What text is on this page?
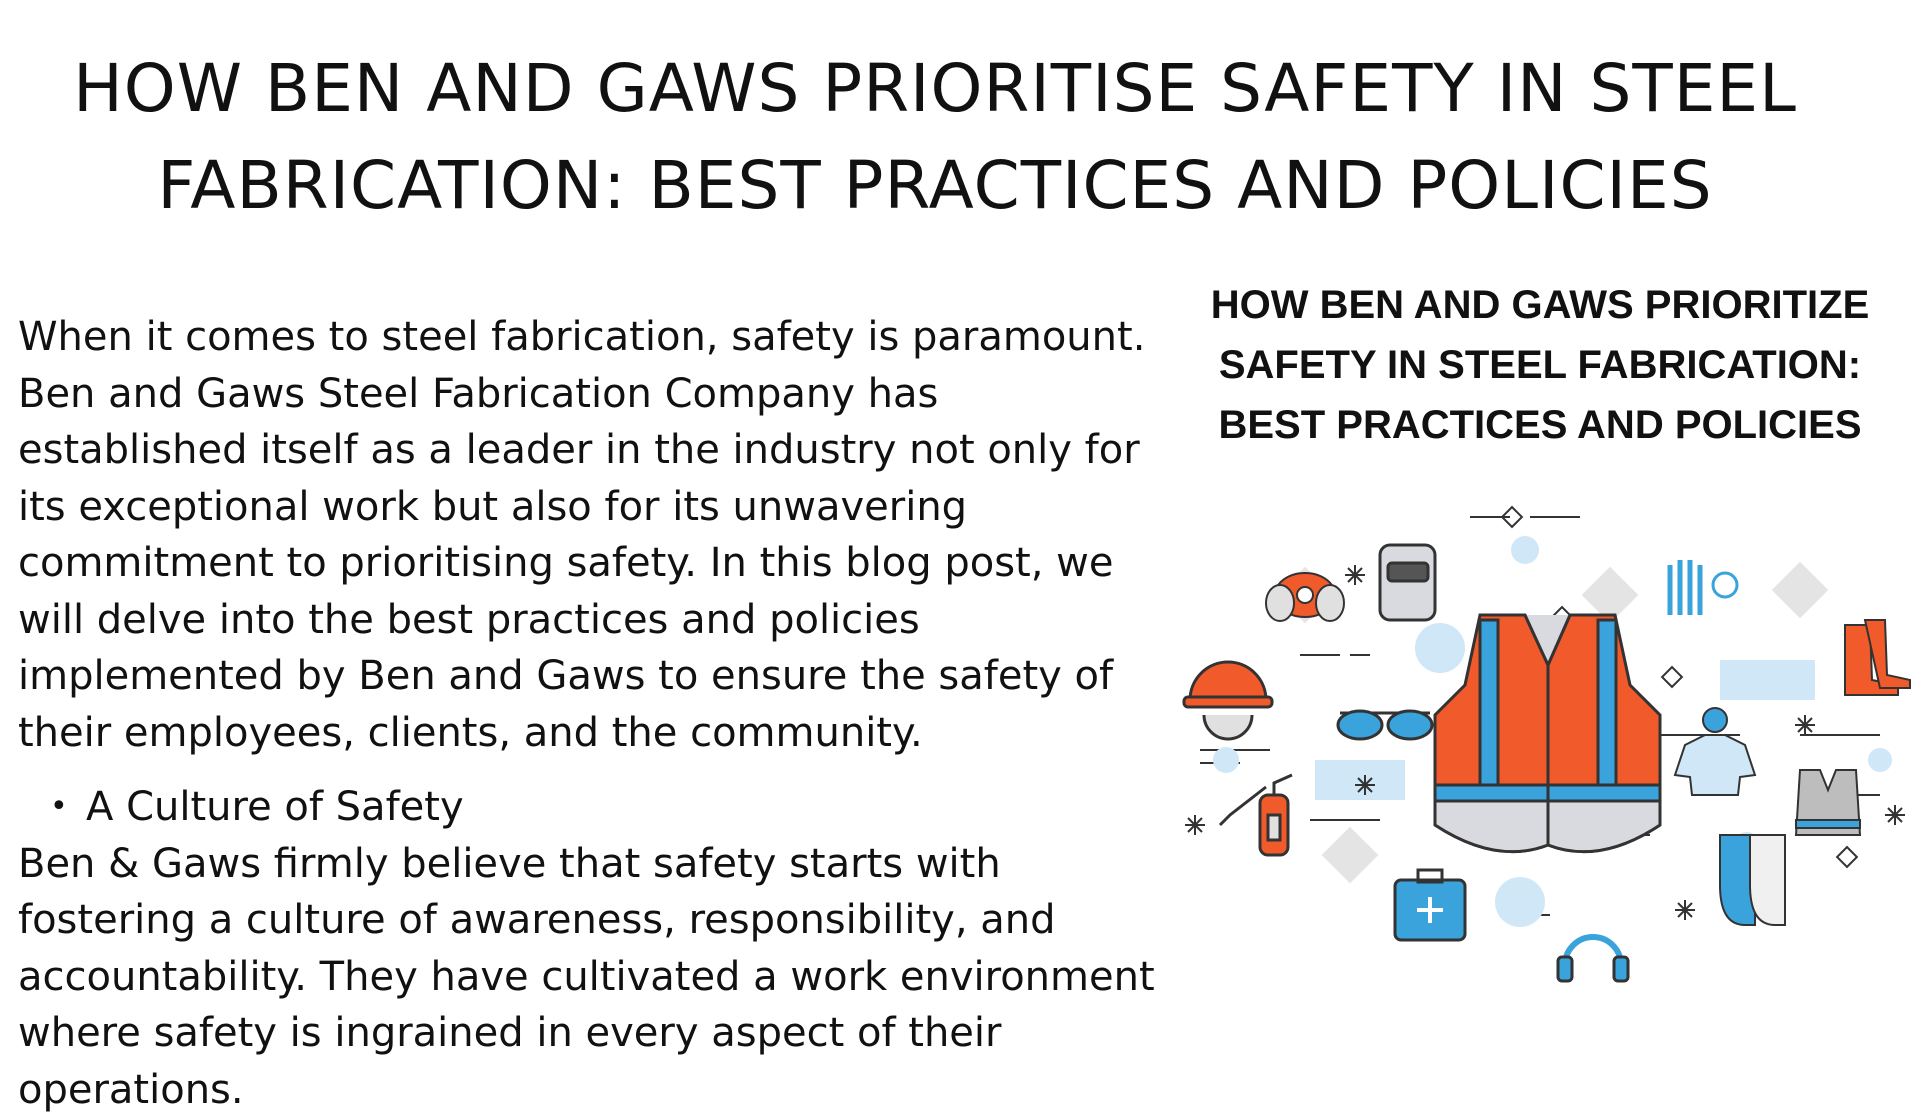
HOW BEN AND GAWS PRIORITISE SAFETY IN STEEL
FABRICATION: BEST PRACTICES AND POLICIES

When it comes to steel fabrication, safety is paramount. Ben and Gaws Steel Fabrication Company has established itself as a leader in the industry not only for its exceptional work but also for its unwavering commitment to prioritising safety. In this blog post, we will delve into the best practices and policies implemented by Ben and Gaws to ensure the safety of their employees, clients, and the community.

• A Culture of Safety

Ben & Gaws firmly believe that safety starts with fostering a culture of awareness, responsibility, and accountability. They have cultivated a work environment where safety is ingrained in every aspect of their operations.

HOW BEN AND GAWS PRIORITIZE
SAFETY IN STEEL FABRICATION:
BEST PRACTICES AND POLICIES
